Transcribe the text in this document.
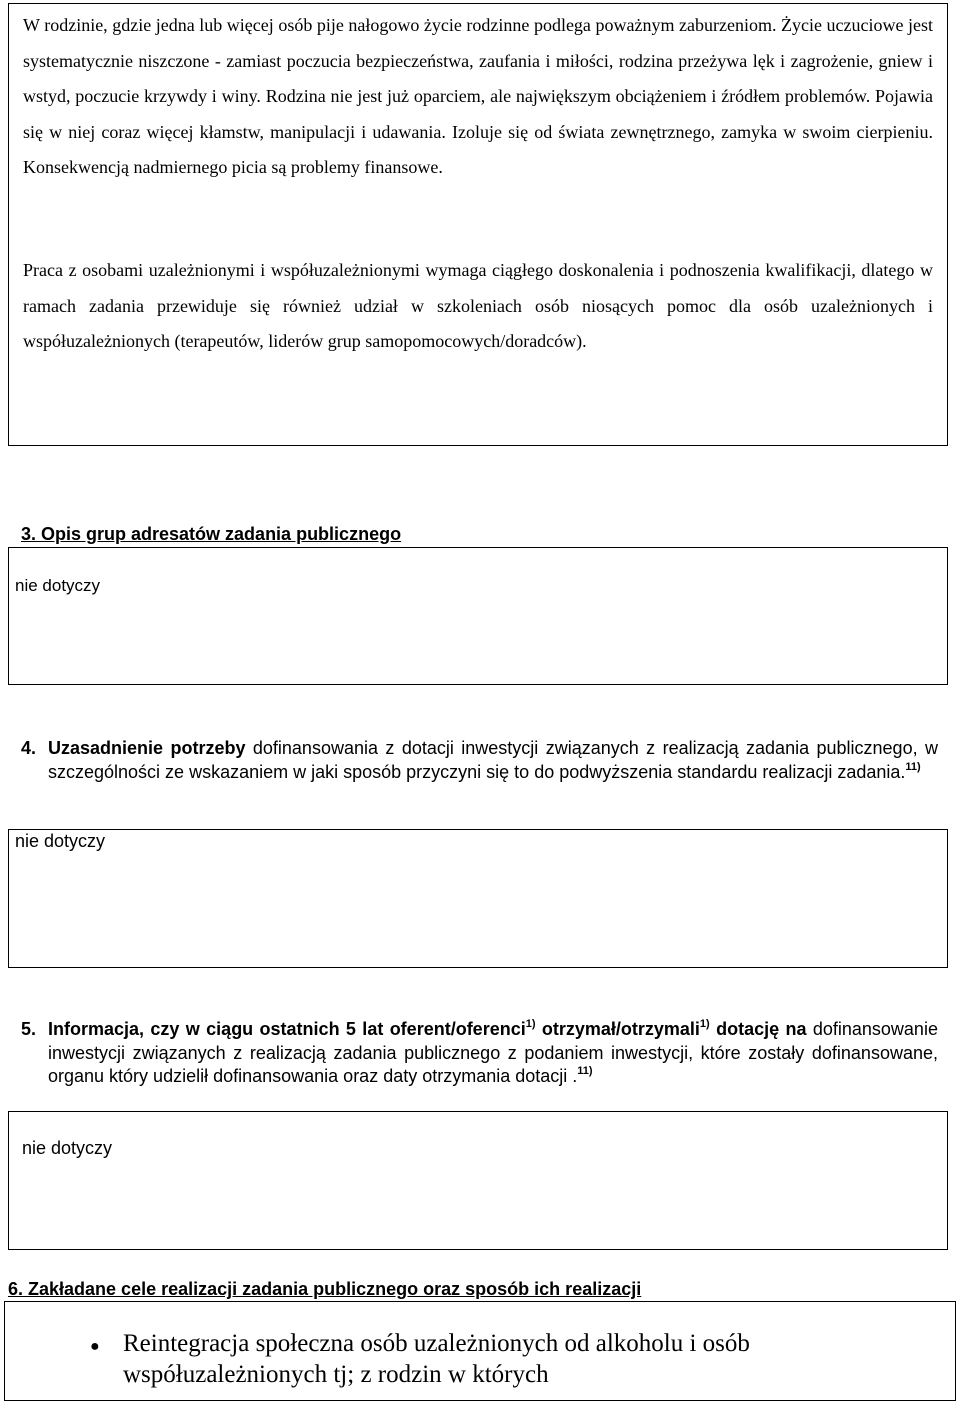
W rodzinie, gdzie jedna lub więcej osób pije nałogowo życie rodzinne podlega poważnym zaburzeniom. Życie uczuciowe jest systematycznie niszczone - zamiast poczucia bezpieczeństwa, zaufania i miłości, rodzina przeżywa lęk i zagrożenie, gniew i wstyd, poczucie krzywdy i winy. Rodzina nie jest już oparciem, ale największym obciążeniem i źródłem problemów. Pojawia się w niej coraz więcej kłamstw, manipulacji i udawania. Izoluje się od świata zewnętrznego, zamyka w swoim cierpieniu. Konsekwencją nadmiernego picia są problemy finansowe.

Praca z osobami uzależnionymi i współuzależnionymi wymaga ciągłego doskonalenia i podnoszenia kwalifikacji, dlatego w ramach zadania przewiduje się również udział w szkoleniach osób niosących pomoc dla osób uzależnionych i współuzależnionych (terapeutów, liderów grup samopomocowych/doradców).

3. Opis grup adresatów zadania publicznego

nie dotyczy
4. Uzasadnienie potrzeby dofinansowania z dotacji inwestycji związanych z realizacją zadania publicznego, w szczególności ze wskazaniem w jaki sposób przyczyni się to do podwyższenia standardu realizacji zadania.$^{11)}$
nie dotyczy
5. Informacja, czy w ciągu ostatnich 5 lat oferent/oferenci$^{1)}$ otrzymał/otrzymali$^{1)}$ dotację na dofinansowanie inwestycji związanych z realizacją zadania publicznego z podaniem inwestycji, które zostały dofinansowane, organu który udzielił dofinansowania oraz daty otrzymania dotacji .$^{11)}$
nie dotyczy

6. Zakładane cele realizacji zadania publicznego oraz sposób ich realizacji

● Reintegracja społeczna osób uzależnionych od alkoholu i osób współuzależnionych tj; z rodzin w których
